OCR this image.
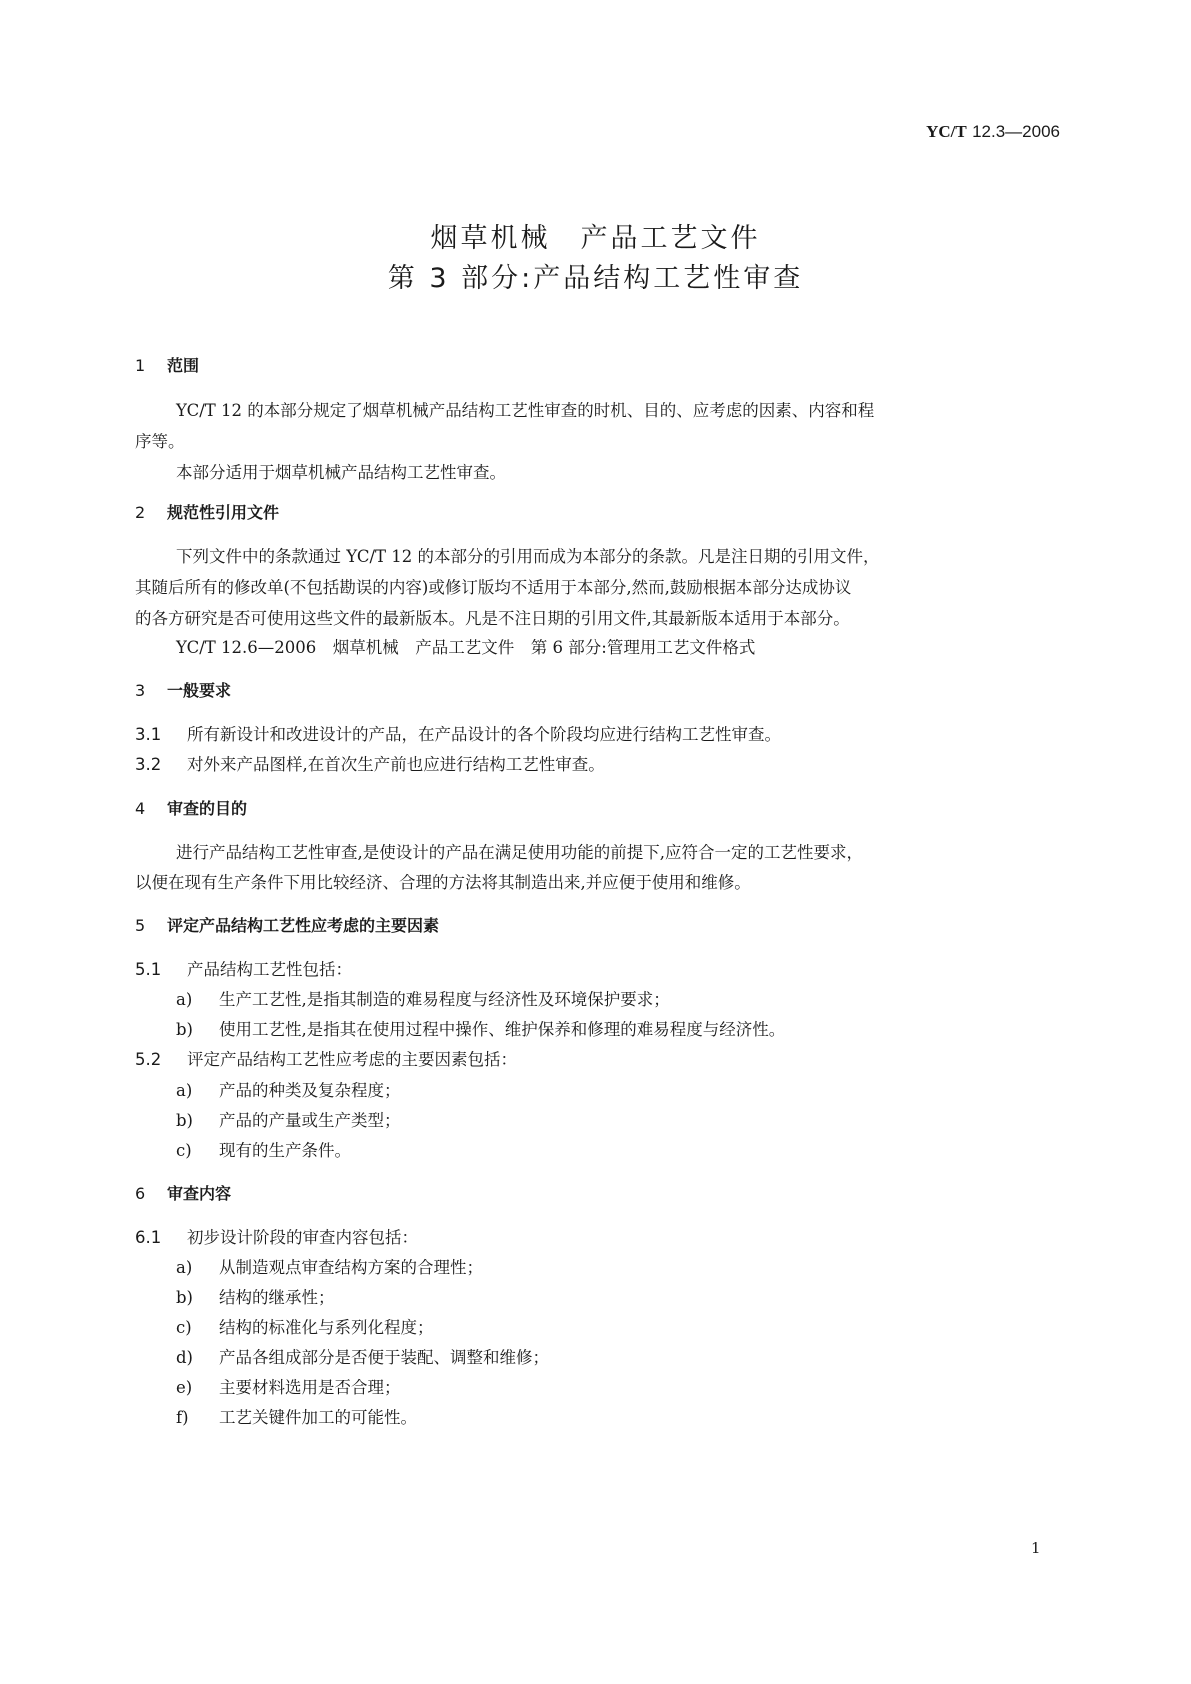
YC/T 12.3—2006
烟草机械　产品工艺文件
第 3 部分:产品结构工艺性审查
1 范围
YC/T 12 的本部分规定了烟草机械产品结构工艺性审查的时机、目的、应考虑的因素、内容和程
序等。
本部分适用于烟草机械产品结构工艺性审查。
2 规范性引用文件
下列文件中的条款通过 YC/T 12 的本部分的引用而成为本部分的条款。凡是注日期的引用文件，
其随后所有的修改单(不包括勘误的内容)或修订版均不适用于本部分,然而,鼓励根据本部分达成协议
的各方研究是否可使用这些文件的最新版本。凡是不注日期的引用文件,其最新版本适用于本部分。
YC/T 12.6—2006　烟草机械　产品工艺文件　第 6 部分:管理用工艺文件格式
3 一般要求
3.1 所有新设计和改进设计的产品，在产品设计的各个阶段均应进行结构工艺性审查。
3.2 对外来产品图样,在首次生产前也应进行结构工艺性审查。
4 审查的目的
进行产品结构工艺性审查,是使设计的产品在满足使用功能的前提下,应符合一定的工艺性要求，
以便在现有生产条件下用比较经济、合理的方法将其制造出来,并应便于使用和维修。
5 评定产品结构工艺性应考虑的主要因素
5.1 产品结构工艺性包括：
a) 生产工艺性,是指其制造的难易程度与经济性及环境保护要求；
b) 使用工艺性,是指其在使用过程中操作、维护保养和修理的难易程度与经济性。
5.2 评定产品结构工艺性应考虑的主要因素包括：
a) 产品的种类及复杂程度；
b) 产品的产量或生产类型；
c) 现有的生产条件。
6 审查内容
6.1 初步设计阶段的审查内容包括：
a) 从制造观点审查结构方案的合理性；
b) 结构的继承性；
c) 结构的标准化与系列化程度；
d) 产品各组成部分是否便于装配、调整和维修；
e) 主要材料选用是否合理；
f) 工艺关键件加工的可能性。
1
